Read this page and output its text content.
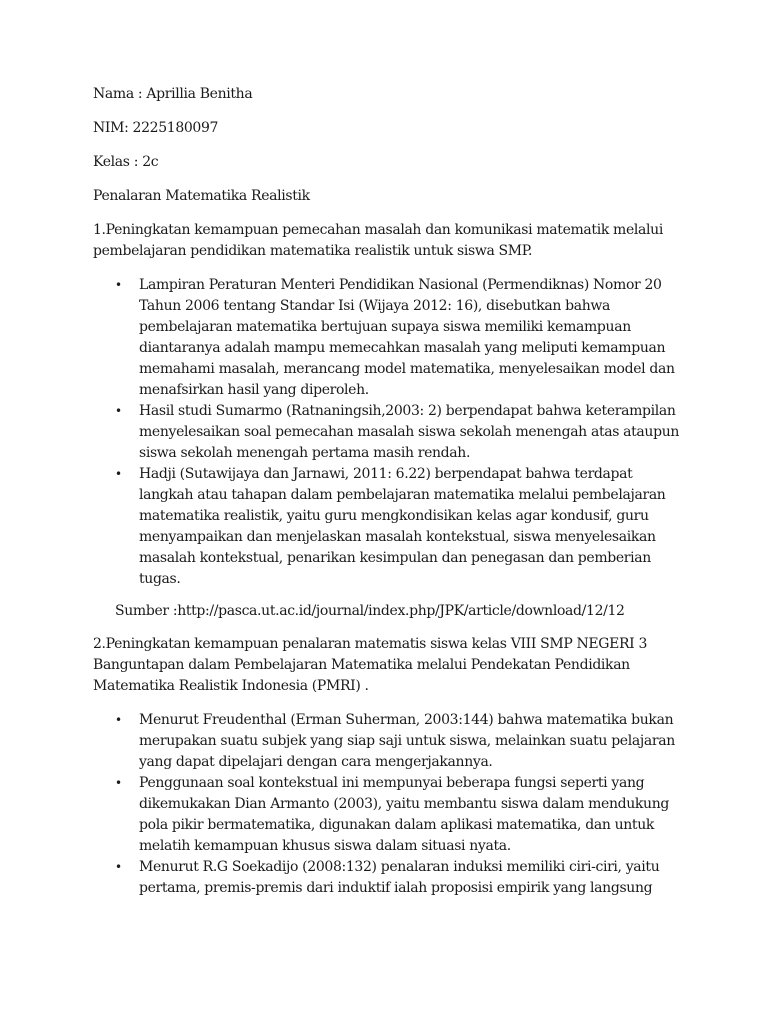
Nama : Aprillia Benitha

NIM: 2225180097

Kelas : 2c

Penalaran Matematika Realistik

1.Peningkatan kemampuan pemecahan masalah dan komunikasi matematik melalui pembelajaran pendidikan matematika realistik untuk siswa SMP.

• Lampiran Peraturan Menteri Pendidikan Nasional (Permendiknas) Nomor 20 Tahun 2006 tentang Standar Isi (Wijaya 2012: 16), disebutkan bahwa pembelajaran matematika bertujuan supaya siswa memiliki kemampuan diantaranya adalah mampu memecahkan masalah yang meliputi kemampuan memahami masalah, merancang model matematika, menyelesaikan model dan menafsirkan hasil yang diperoleh.
• Hasil studi Sumarmo (Ratnaningsih,2003: 2) berpendapat bahwa keterampilan menyelesaikan soal pemecahan masalah siswa sekolah menengah atas ataupun siswa sekolah menengah pertama masih rendah.
• Hadji (Sutawijaya dan Jarnawi, 2011: 6.22) berpendapat bahwa terdapat langkah atau tahapan dalam pembelajaran matematika melalui pembelajaran matematika realistik, yaitu guru mengkondisikan kelas agar kondusif, guru menyampaikan dan menjelaskan masalah kontekstual, siswa menyelesaikan masalah kontekstual, penarikan kesimpulan dan penegasan dan pemberian tugas.

Sumber :http://pasca.ut.ac.id/journal/index.php/JPK/article/download/12/12

2.Peningkatan kemampuan penalaran matematis siswa kelas VIII SMP NEGERI 3 Banguntapan dalam Pembelajaran Matematika melalui Pendekatan Pendidikan Matematika Realistik Indonesia (PMRI) .

• Menurut Freudenthal (Erman Suherman, 2003:144) bahwa matematika bukan merupakan suatu subjek yang siap saji untuk siswa, melainkan suatu pelajaran yang dapat dipelajari dengan cara mengerjakannya.
• Penggunaan soal kontekstual ini mempunyai beberapa fungsi seperti yang dikemukakan Dian Armanto (2003), yaitu membantu siswa dalam mendukung pola pikir bermatematika, digunakan dalam aplikasi matematika, dan untuk melatih kemampuan khusus siswa dalam situasi nyata.
• Menurut R.G Soekadijo (2008:132) penalaran induksi memiliki ciri-ciri, yaitu pertama, premis-premis dari induktif ialah proposisi empirik yang langsung
